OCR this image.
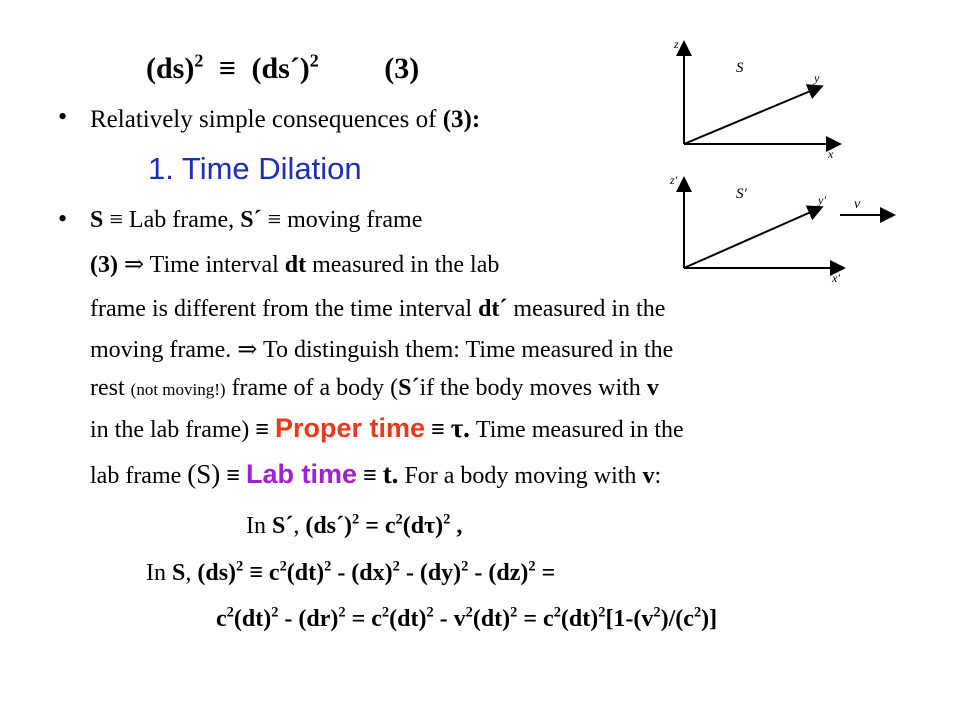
(ds)$^2$ ≡ (ds´)$^2$ (3)
• Relatively simple consequences of (3):
1. Time Dilation
• S ≡ Lab frame, S´ ≡ moving frame
(3) ⇒ Time interval dt measured in the lab
frame is different from the time interval dt´ measured in the
moving frame. ⇒ To distinguish them: Time measured in the
rest (not moving!) frame of a body (S´if the body moves with v
in the lab frame) ≡ Proper time ≡ τ. Time measured in the
lab frame (S) ≡ Lab time ≡ t. For a body moving with v:
In S´, (ds´)$^2$ = $c^2(d\tau)^2$ ,
In S, $(ds)^2 \equiv c^2(dt)^2 - (dx)^2 - (dy)^2 - (dz)^2$ =
$c^2(dt)^2 - (dr)^2 = c^2(dt)^2 - v^2(dt)^2 = c^2(dt)^2[1-(v^2)/(c^2)]$
z
y
x
S
z'
y'
x'
S'
v
